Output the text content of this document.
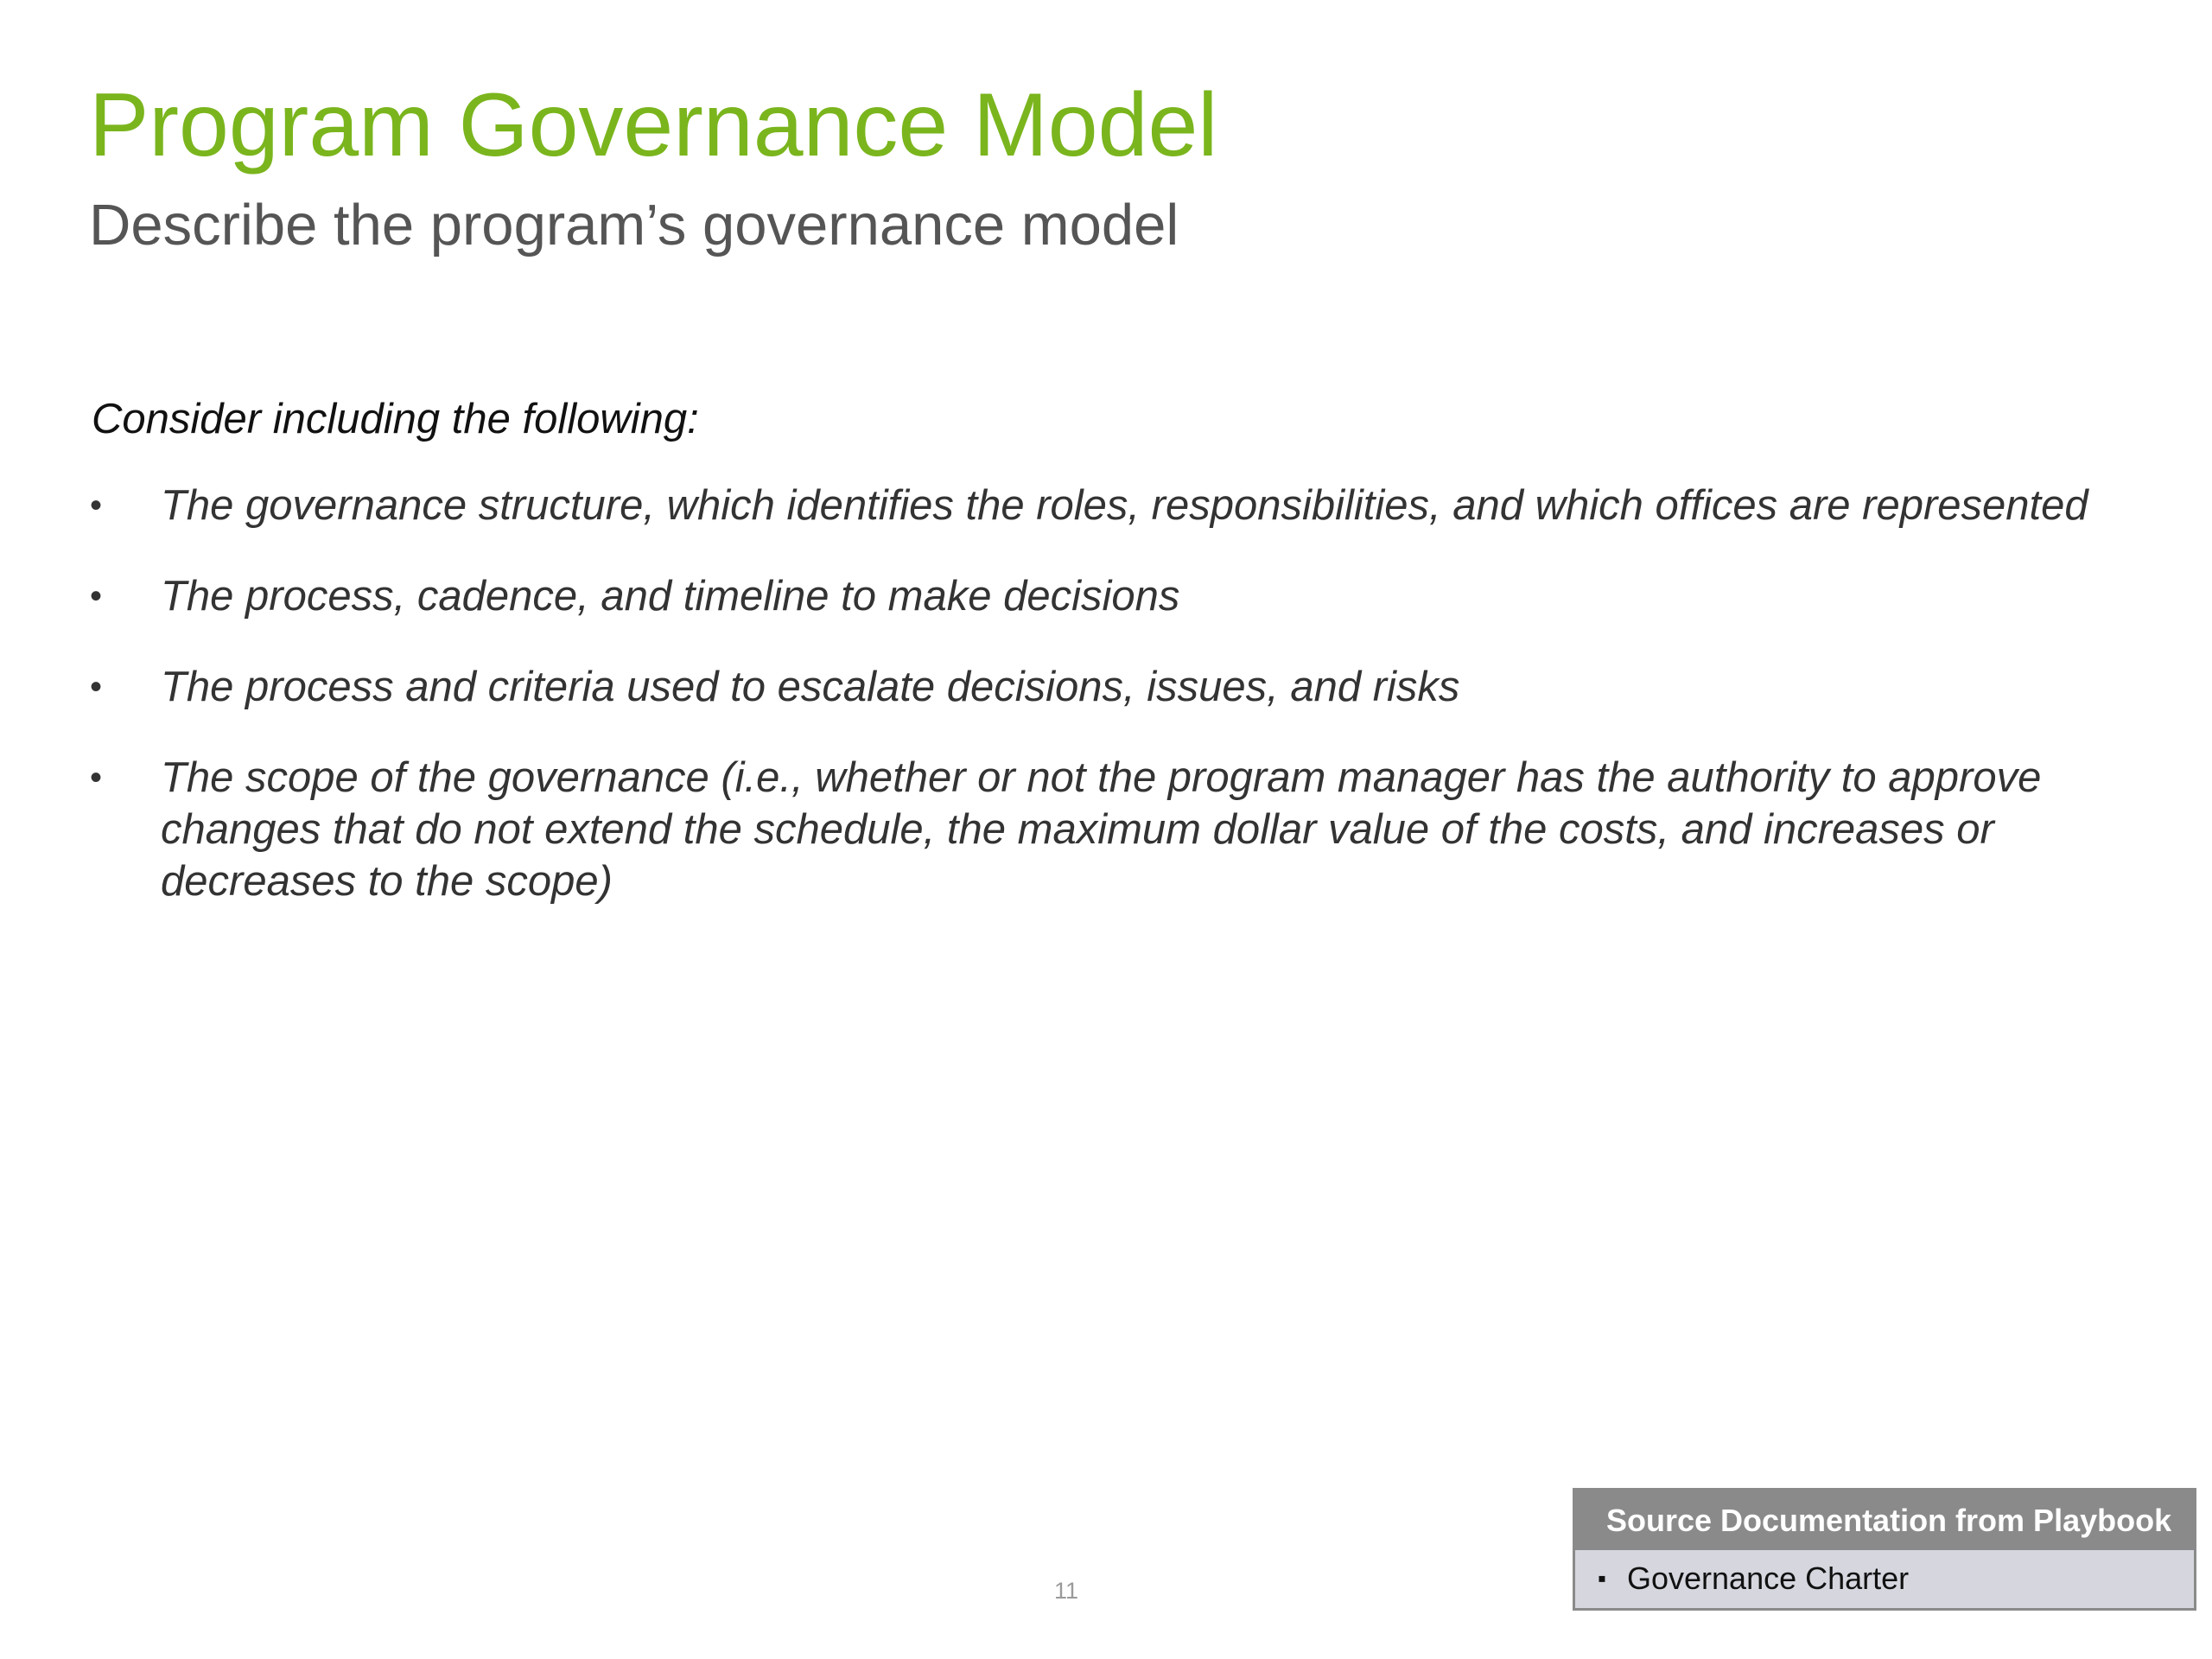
Program Governance Model
Describe the program’s governance model

Consider including the following:

• The governance structure, which identifies the roles, responsibilities, and which offices are represented
• The process, cadence, and timeline to make decisions
• The process and criteria used to escalate decisions, issues, and risks
• The scope of the governance (i.e., whether or not the program manager has the authority to approve changes that do not extend the schedule, the maximum dollar value of the costs, and increases or decreases to the scope)
11
Source Documentation from Playbook
▪ Governance Charter
